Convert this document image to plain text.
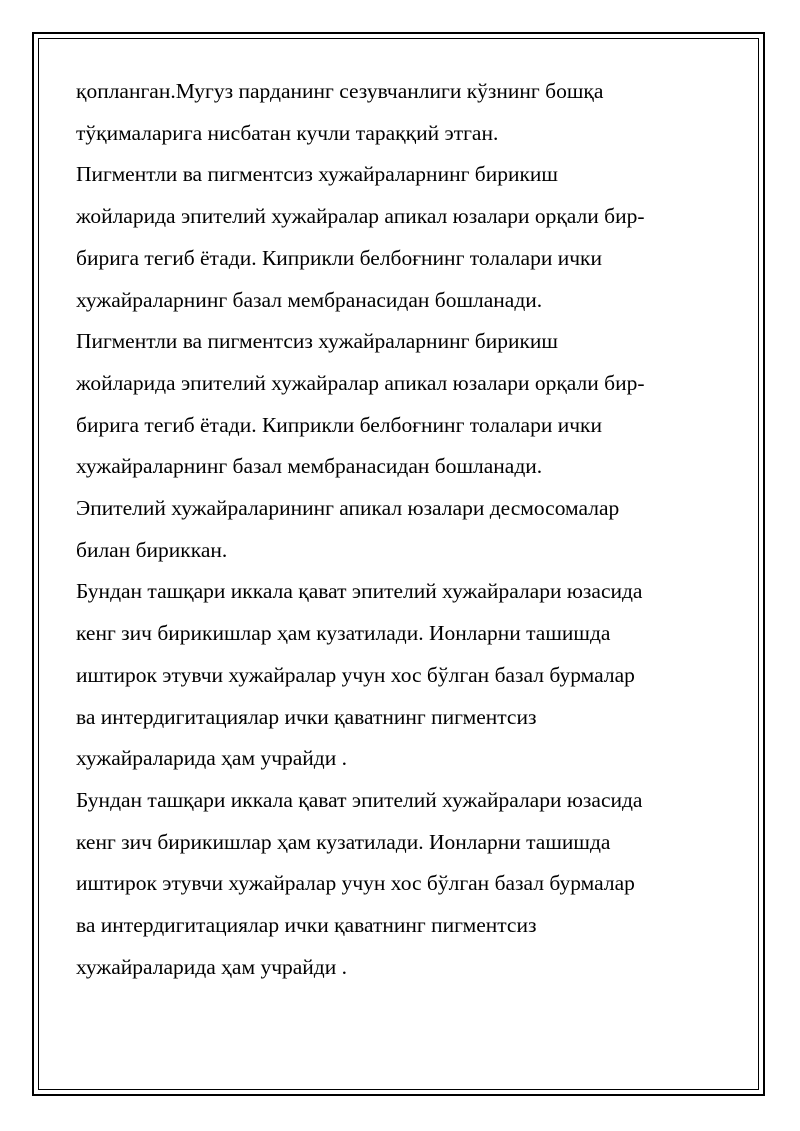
қопланган.Мугуз парданинг сезувчанлиги кўзнинг бошқа
тўқималарига нисбатан кучли тараққий этган.
Пигментли ва пигментсиз хужайраларнинг бирикиш
жойларида эпителий хужайралар апикал юзалари орқали бир-
бирига тегиб ётади. Киприкли белбоғнинг толалари ички
хужайраларнинг базал мембранасидан бошланади.
Пигментли ва пигментсиз хужайраларнинг бирикиш
жойларида эпителий хужайралар апикал юзалари орқали бир-
бирига тегиб ётади. Киприкли белбоғнинг толалари ички
хужайраларнинг базал мембранасидан бошланади.
Эпителий хужайраларининг апикал юзалари десмосомалар
билан бириккан.
Бундан ташқари иккала қават эпителий хужайралари юзасида
кенг зич бирикишлар ҳам кузатилади. Ионларни ташишда
иштирок этувчи хужайралар учун хос бўлган базал бурмалар
ва интердигитациялар ички қаватнинг пигментсиз
хужайраларида ҳам учрайди .
Бундан ташқари иккала қават эпителий хужайралари юзасида
кенг зич бирикишлар ҳам кузатилади. Ионларни ташишда
иштирок этувчи хужайралар учун хос бўлган базал бурмалар
ва интердигитациялар ички қаватнинг пигментсиз
хужайраларида ҳам учрайди .
